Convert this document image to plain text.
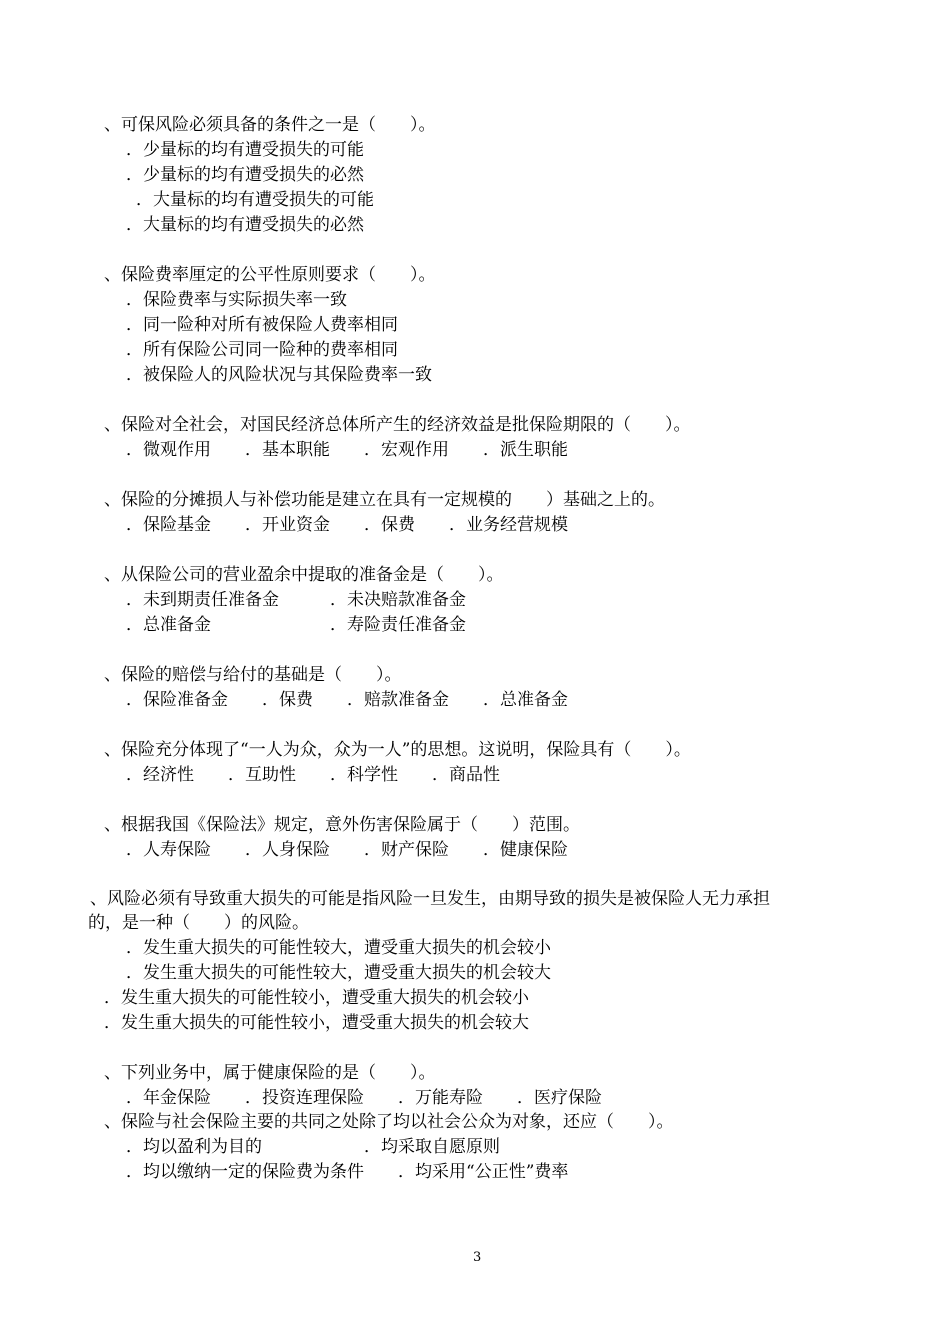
、可保风险必须具备的条件之一是（　　）。
．少量标的均有遭受损失的可能
．少量标的均有遭受损失的必然
．大量标的均有遭受损失的可能
．大量标的均有遭受损失的必然
、保险费率厘定的公平性原则要求（　　）。
．保险费率与实际损失率一致
．同一险种对所有被保险人费率相同
．所有保险公司同一险种的费率相同
．被保险人的风险状况与其保险费率一致
、保险对全社会，对国民经济总体所产生的经济效益是批保险期限的（　　）。
．微观作用　　．基本职能　　．宏观作用　　．派生职能
、保险的分摊损人与补偿功能是建立在具有一定规模的　　）基础之上的。
．保险基金　　．开业资金　　．保费　　．业务经营规模
、从保险公司的营业盈余中提取的准备金是（　　）。
．未到期责任准备金　　　．未决赔款准备金
．总准备金　　　　　　　．寿险责任准备金
、保险的赔偿与给付的基础是（　　）。
．保险准备金　　．保费　　．赔款准备金　　．总准备金
、保险充分体现了“一人为众，众为一人”的思想。这说明，保险具有（　　）。
．经济性　　．互助性　　．科学性　　．商品性
、根据我国《保险法》规定，意外伤害保险属于（　　）范围。
．人寿保险　　．人身保险　　．财产保险　　．健康保险
、风险必须有导致重大损失的可能是指风险一旦发生，由期导致的损失是被保险人无力承担
的，是一种（　　）的风险。
．发生重大损失的可能性较大，遭受重大损失的机会较小
．发生重大损失的可能性较大，遭受重大损失的机会较大
．发生重大损失的可能性较小，遭受重大损失的机会较小
．发生重大损失的可能性较小，遭受重大损失的机会较大
、下列业务中，属于健康保险的是（　　）。
．年金保险　　．投资连理保险　　．万能寿险　　．医疗保险
、保险与社会保险主要的共同之处除了均以社会公众为对象，还应（　　）。
．均以盈利为目的　　　　　　．均采取自愿原则
．均以缴纳一定的保险费为条件　　．均采用“公正性”费率
3
